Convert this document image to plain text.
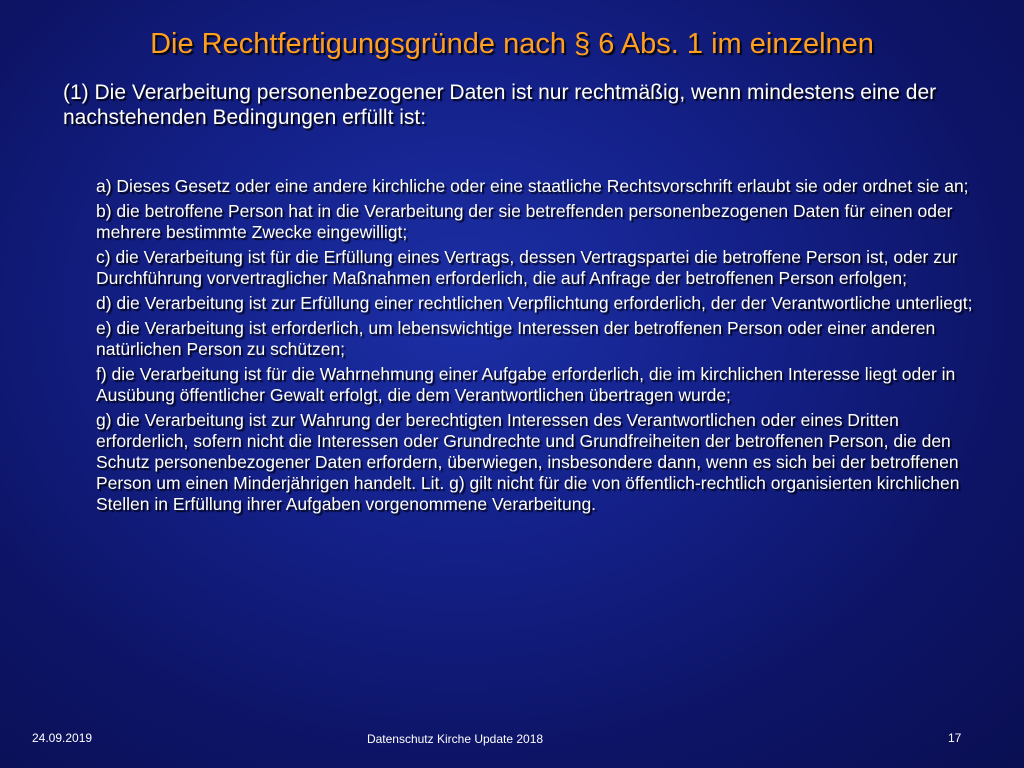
Die Rechtfertigungsgründe nach § 6 Abs. 1 im einzelnen
(1) Die Verarbeitung personenbezogener Daten ist nur rechtmäßig, wenn mindestens eine der nachstehenden Bedingungen erfüllt ist:
a) Dieses Gesetz oder eine andere kirchliche oder eine staatliche Rechtsvorschrift erlaubt sie oder ordnet sie an;
b) die betroffene Person hat in die Verarbeitung der sie betreffenden personenbezogenen Daten für einen oder mehrere bestimmte Zwecke eingewilligt;
c) die Verarbeitung ist für die Erfüllung eines Vertrags, dessen Vertragspartei die betroffene Person ist, oder zur Durchführung vorvertraglicher Maßnahmen erforderlich, die auf Anfrage der betroffenen Person erfolgen;
d) die Verarbeitung ist zur Erfüllung einer rechtlichen Verpflichtung erforderlich, der der Verantwortliche unterliegt;
e) die Verarbeitung ist erforderlich, um lebenswichtige Interessen der betroffenen Person oder einer anderen natürlichen Person zu schützen;
f) die Verarbeitung ist für die Wahrnehmung einer Aufgabe erforderlich, die im kirchlichen Interesse liegt oder in Ausübung öffentlicher Gewalt erfolgt, die dem Verantwortlichen übertragen wurde;
g) die Verarbeitung ist zur Wahrung der berechtigten Interessen des Verantwortlichen oder eines Dritten erforderlich, sofern nicht die Interessen oder Grundrechte und Grundfreiheiten der betroffenen Person, die den Schutz personenbezogener Daten erfordern, überwiegen, insbesondere dann, wenn es sich bei der betroffenen Person um einen Minderjährigen handelt. Lit. g) gilt nicht für die von öffentlich-rechtlich organisierten kirchlichen Stellen in Erfüllung ihrer Aufgaben vorgenommene Verarbeitung.
24.09.2019	Datenschutz Kirche Update 2018	17
